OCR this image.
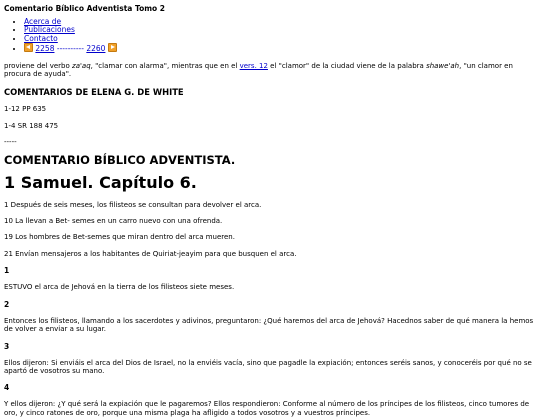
Comentario Bíblico Adventista Tomo 2
• Acerca de
• Publicaciones
• Contacto
• 2258 ---------- 2260

proviene del verbo za'aq, "clamar con alarma", mientras que en el vers. 12 el "clamor" de la ciudad viene de la palabra shawe'ah, "un clamor en procura de ayuda".

COMENTARIOS DE ELENA G. DE WHITE

1-12 PP 635

1-4 SR 188 475

-----

COMENTARIO BÍBLICO ADVENTISTA.
1 Samuel. Capítulo 6.

1 Después de seis meses, los filisteos se consultan para devolver el arca.

10 La llevan a Bet- semes en un carro nuevo con una ofrenda.

19 Los hombres de Bet-semes que miran dentro del arca mueren.

21 Envían mensajeros a los habitantes de Quiriat-jeayim para que busquen el arca.

1

ESTUVO el arca de Jehová en la tierra de los filisteos siete meses.

2

Entonces los filisteos, llamando a los sacerdotes y adivinos, preguntaron: ¿Qué haremos del arca de Jehová? Hacednos saber de qué manera la hemos de volver a enviar a su lugar.

3

Ellos dijeron: Si enviáis el arca del Dios de Israel, no la enviéis vacía, sino que pagadle la expiación; entonces seréis sanos, y conoceréis por qué no se apartó de vosotros su mano.

4

Y ellos dijeron: ¿Y qué será la expiación que le pagaremos? Ellos respondieron: Conforme al número de los príncipes de los filisteos, cinco tumores de oro, y cinco ratones de oro, porque una misma plaga ha afligido a todos vosotros y a vuestros príncipes.
